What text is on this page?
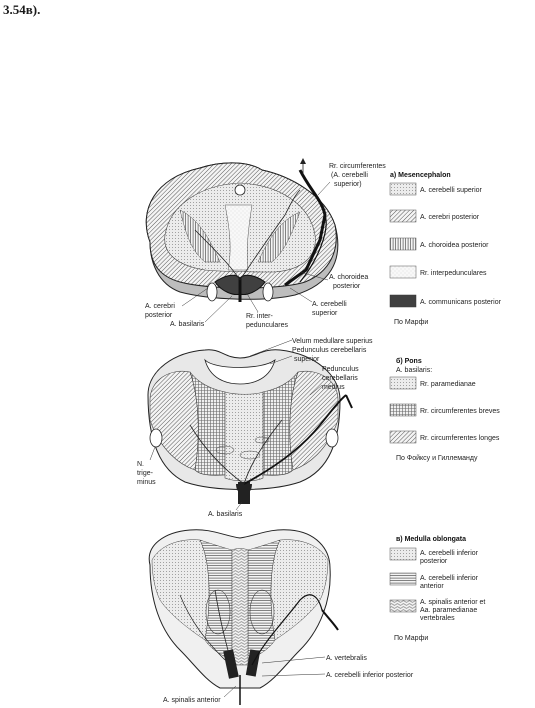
3.54в).
Rr. circumferentes
(A. cerebelli
superior)
A. choroidea
posterior
A. cerebri
posterior
A. basilaris
Rr. inter-
pedunculares
A. cerebelli
superior
а) Mesencephalon
A. cerebelli superior
A. cerebri posterior
A. choroidea posterior
Rr. interpedunculares
A. communicans posterior
По Марфи
Velum medullare superius
Pedunculus cerebellaris
superior
Pedunculus
cerebellaris
medius
N.
trige-
minus
A. basilaris
б) Pons
A. basilaris:
Rr. paramedianae
Rr. circumferentes breves
Rr. circumferentes longes
По Фойксу и Гиллеманду
A. vertebralis
A. cerebelli inferior posterior
A. spinalis anterior
в) Medulla oblongata
A. cerebelli inferior
posterior
A. cerebelli inferior
anterior
A. spinalis anterior et
Aa. paramedianae
vertebrales
По Марфи
